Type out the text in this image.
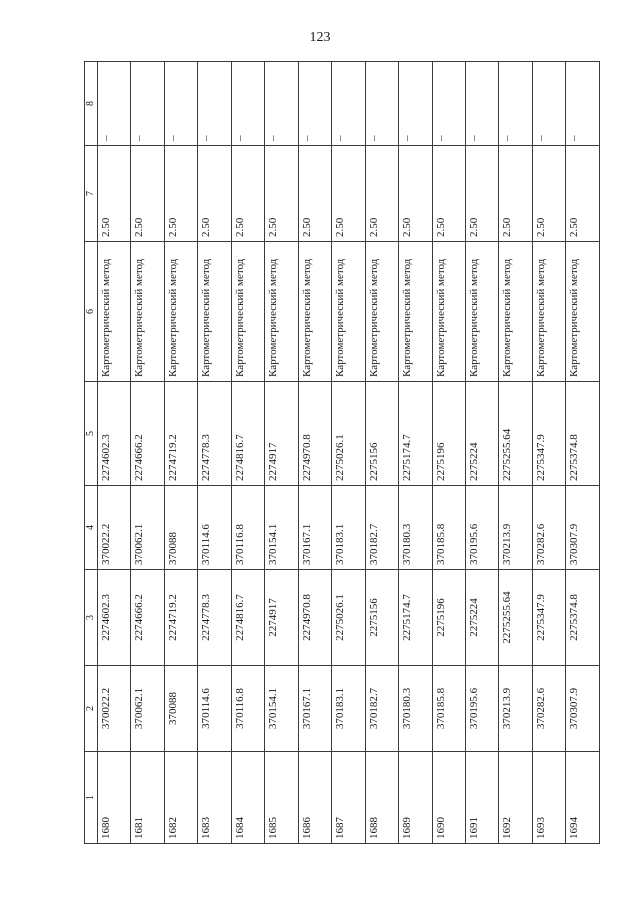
123
1	2	3	4	5	6	7	8
1680	370022.2	2274602.3	370022.2	2274602.3	Картометрический метод	2.50	–
1681	370062.1	2274666.2	370062.1	2274666.2	Картометрический метод	2.50	–
1682	370088	2274719.2	370088	2274719.2	Картометрический метод	2.50	–
1683	370114.6	2274778.3	370114.6	2274778.3	Картометрический метод	2.50	–
1684	370116.8	2274816.7	370116.8	2274816.7	Картометрический метод	2.50	–
1685	370154.1	2274917	370154.1	2274917	Картометрический метод	2.50	–
1686	370167.1	2274970.8	370167.1	2274970.8	Картометрический метод	2.50	–
1687	370183.1	2275026.1	370183.1	2275026.1	Картометрический метод	2.50	–
1688	370182.7	2275156	370182.7	2275156	Картометрический метод	2.50	–
1689	370180.3	2275174.7	370180.3	2275174.7	Картометрический метод	2.50	–
1690	370185.8	2275196	370185.8	2275196	Картометрический метод	2.50	–
1691	370195.6	2275224	370195.6	2275224	Картометрический метод	2.50	–
1692	370213.9	2275255.64	370213.9	2275255.64	Картометрический метод	2.50	–
1693	370282.6	2275347.9	370282.6	2275347.9	Картометрический метод	2.50	–
1694	370307.9	2275374.8	370307.9	2275374.8	Картометрический метод	2.50	–
